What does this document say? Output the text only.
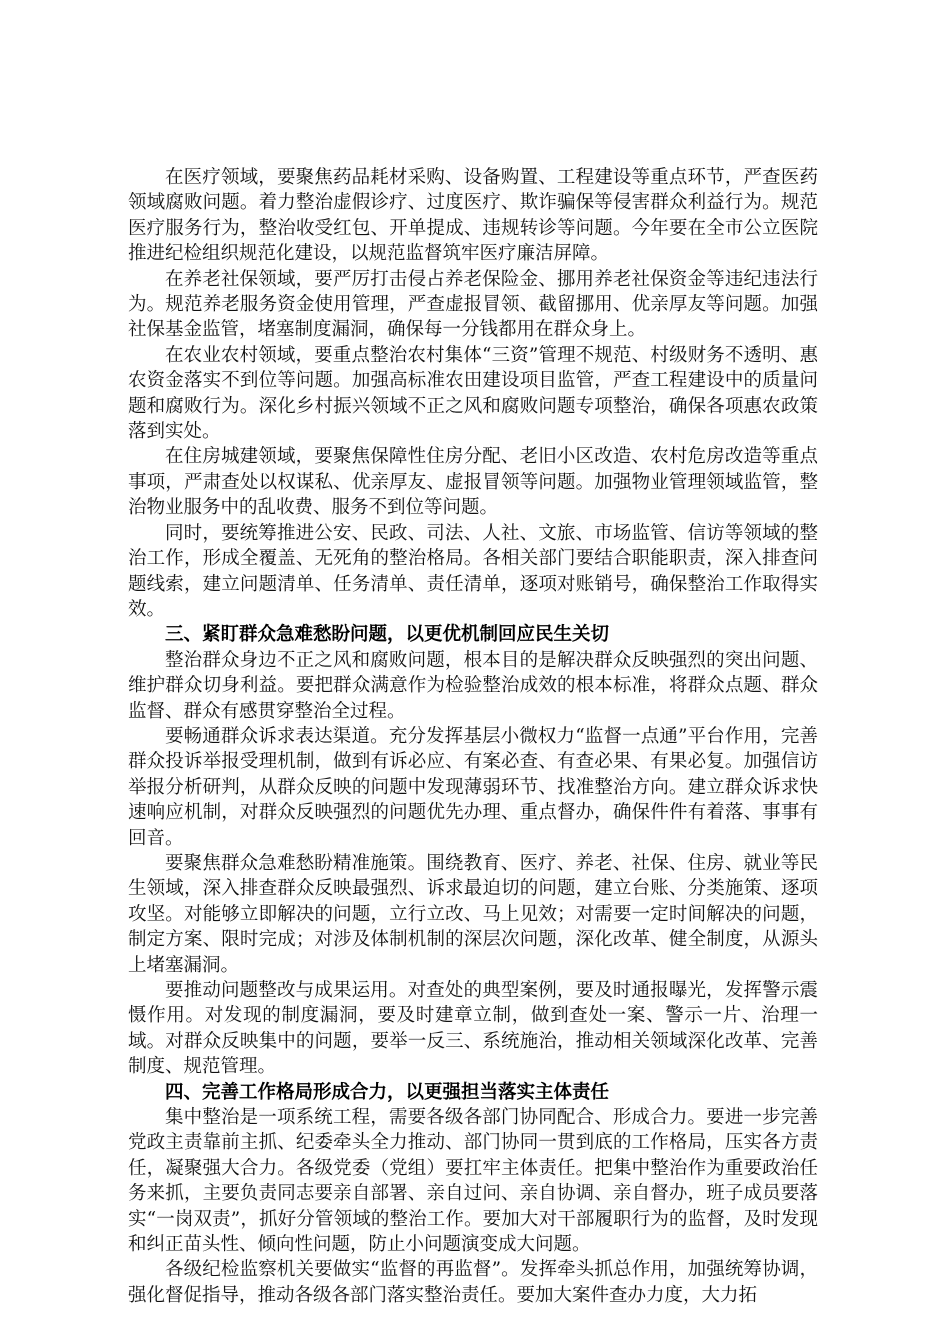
在医疗领域，要聚焦药品耗材采购、设备购置、工程建设等重点环节，严查医药领域腐败问题。着力整治虚假诊疗、过度医疗、欺诈骗保等侵害群众利益行为。规范医疗服务行为，整治收受红包、开单提成、违规转诊等问题。今年要在全市公立医院推进纪检组织规范化建设，以规范监督筑牢医疗廉洁屏障。

在养老社保领域，要严厉打击侵占养老保险金、挪用养老社保资金等违纪违法行为。规范养老服务资金使用管理，严查虚报冒领、截留挪用、优亲厚友等问题。加强社保基金监管，堵塞制度漏洞，确保每一分钱都用在群众身上。

在农业农村领域，要重点整治农村集体“三资”管理不规范、村级财务不透明、惠农资金落实不到位等问题。加强高标准农田建设项目监管，严查工程建设中的质量问题和腐败行为。深化乡村振兴领域不正之风和腐败问题专项整治，确保各项惠农政策落到实处。

在住房城建领域，要聚焦保障性住房分配、老旧小区改造、农村危房改造等重点事项，严肃查处以权谋私、优亲厚友、虚报冒领等问题。加强物业管理领域监管，整治物业服务中的乱收费、服务不到位等问题。

同时，要统筹推进公安、民政、司法、人社、文旅、市场监管、信访等领域的整治工作，形成全覆盖、无死角的整治格局。各相关部门要结合职能职责，深入排查问题线索，建立问题清单、任务清单、责任清单，逐项对账销号，确保整治工作取得实效。

三、紧盯群众急难愁盼问题，以更优机制回应民生关切

整治群众身边不正之风和腐败问题，根本目的是解决群众反映强烈的突出问题、维护群众切身利益。要把群众满意作为检验整治成效的根本标准，将群众点题、群众监督、群众有感贯穿整治全过程。

要畅通群众诉求表达渠道。充分发挥基层小微权力“监督一点通”平台作用，完善群众投诉举报受理机制，做到有诉必应、有案必查、有查必果、有果必复。加强信访举报分析研判，从群众反映的问题中发现薄弱环节、找准整治方向。建立群众诉求快速响应机制，对群众反映强烈的问题优先办理、重点督办，确保件件有着落、事事有回音。

要聚焦群众急难愁盼精准施策。围绕教育、医疗、养老、社保、住房、就业等民生领域，深入排查群众反映最强烈、诉求最迫切的问题，建立台账、分类施策、逐项攻坚。对能够立即解决的问题，立行立改、马上见效；对需要一定时间解决的问题，制定方案、限时完成；对涉及体制机制的深层次问题，深化改革、健全制度，从源头上堵塞漏洞。

要推动问题整改与成果运用。对查处的典型案例，要及时通报曝光，发挥警示震慑作用。对发现的制度漏洞，要及时建章立制，做到查处一案、警示一片、治理一域。对群众反映集中的问题，要举一反三、系统施治，推动相关领域深化改革、完善制度、规范管理。

四、完善工作格局形成合力，以更强担当落实主体责任

集中整治是一项系统工程，需要各级各部门协同配合、形成合力。要进一步完善党政主责靠前主抓、纪委牵头全力推动、部门协同一贯到底的工作格局，压实各方责任，凝聚强大合力。各级党委（党组）要扛牢主体责任。把集中整治作为重要政治任务来抓，主要负责同志要亲自部署、亲自过问、亲自协调、亲自督办，班子成员要落实“一岗双责”，抓好分管领域的整治工作。要加大对干部履职行为的监督，及时发现和纠正苗头性、倾向性问题，防止小问题演变成大问题。

各级纪检监察机关要做实“监督的再监督”。发挥牵头抓总作用，加强统筹协调，强化督促指导，推动各级各部门落实整治责任。要加大案件查办力度，大力拓
